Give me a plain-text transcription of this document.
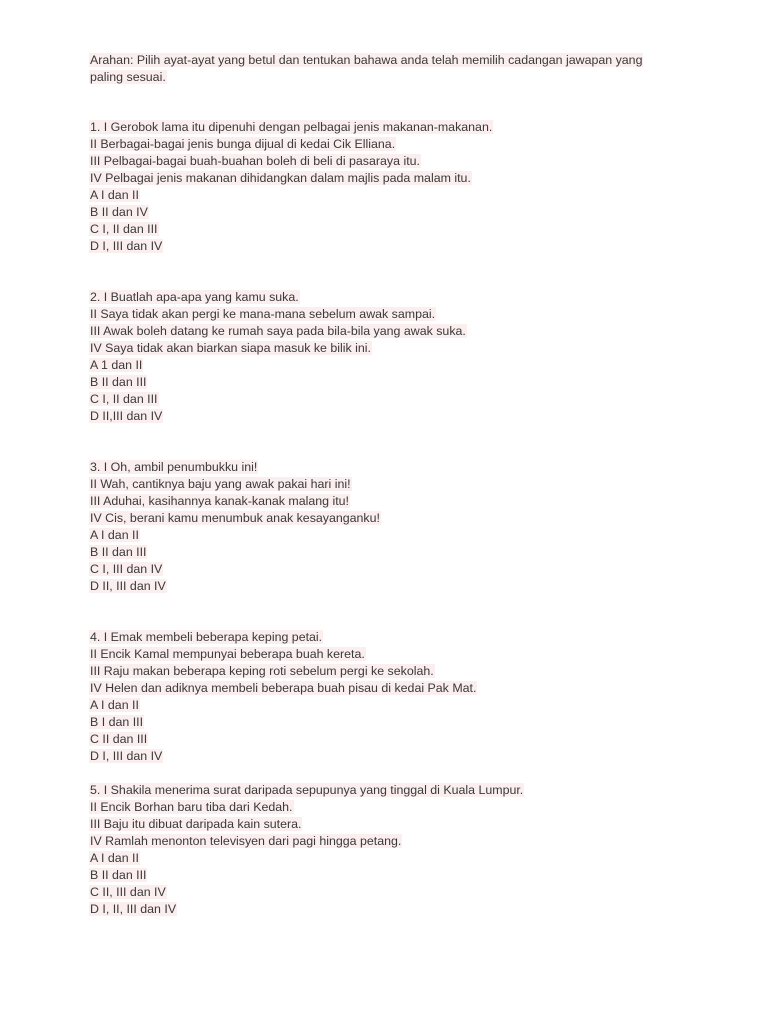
Arahan: Pilih ayat-ayat yang betul dan tentukan bahawa anda telah memilih cadangan jawapan yang
paling sesuai.
1. I Gerobok lama itu dipenuhi dengan pelbagai jenis makanan-makanan.
II Berbagai-bagai jenis bunga dijual di kedai Cik Elliana.
III Pelbagai-bagai buah-buahan boleh di beli di pasaraya itu.
IV Pelbagai jenis makanan dihidangkan dalam majlis pada malam itu.
A I dan II
B II dan IV
C I, II dan III
D I, III dan IV
2. I Buatlah apa-apa yang kamu suka.
II Saya tidak akan pergi ke mana-mana sebelum awak sampai.
III Awak boleh datang ke rumah saya pada bila-bila yang awak suka.
IV Saya tidak akan biarkan siapa masuk ke bilik ini.
A 1 dan II
B II dan III
C I, II dan III
D II,III dan IV
3. I Oh, ambil penumbukku ini!
II Wah, cantiknya baju yang awak pakai hari ini!
III Aduhai, kasihannya kanak-kanak malang itu!
IV Cis, berani kamu menumbuk anak kesayanganku!
A I dan II
B II dan III
C I, III dan IV
D II, III dan IV
4. I Emak membeli beberapa keping petai.
II Encik Kamal mempunyai beberapa buah kereta.
III Raju makan beberapa keping roti sebelum pergi ke sekolah.
IV Helen dan adiknya membeli beberapa buah pisau di kedai Pak Mat.
A I dan II
B I dan III
C II dan III
D I, III dan IV
5. I Shakila menerima surat daripada sepupunya yang tinggal di Kuala Lumpur.
II Encik Borhan baru tiba dari Kedah.
III Baju itu dibuat daripada kain sutera.
IV Ramlah menonton televisyen dari pagi hingga petang.
A I dan II
B II dan III
C II, III dan IV
D I, II, III dan IV
